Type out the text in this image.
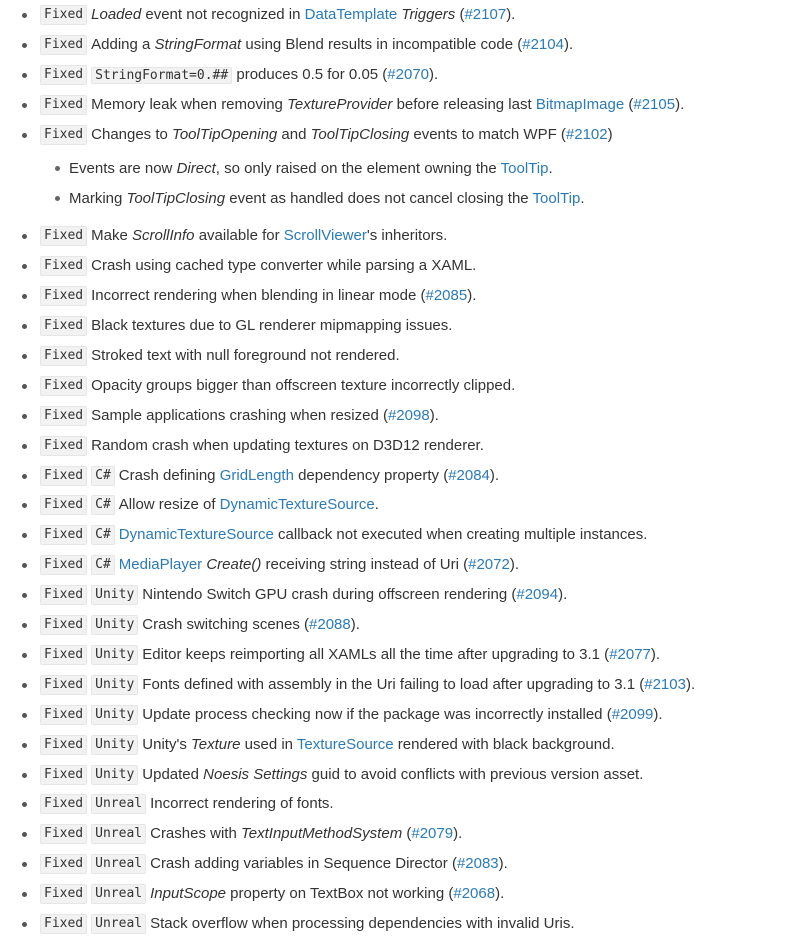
Fixed Loaded event not recognized in DataTemplate Triggers (#2107).
Fixed Adding a StringFormat using Blend results in incompatible code (#2104).
Fixed StringFormat=0.## produces 0.5 for 0.05 (#2070).
Fixed Memory leak when removing TextureProvider before releasing last BitmapImage (#2105).
Fixed Changes to ToolTipOpening and ToolTipClosing events to match WPF (#2102)
Events are now Direct, so only raised on the element owning the ToolTip.
Marking ToolTipClosing event as handled does not cancel closing the ToolTip.
Fixed Make ScrollInfo available for ScrollViewer's inheritors.
Fixed Crash using cached type converter while parsing a XAML.
Fixed Incorrect rendering when blending in linear mode (#2085).
Fixed Black textures due to GL renderer mipmapping issues.
Fixed Stroked text with null foreground not rendered.
Fixed Opacity groups bigger than offscreen texture incorrectly clipped.
Fixed Sample applications crashing when resized (#2098).
Fixed Random crash when updating textures on D3D12 renderer.
Fixed C# Crash defining GridLength dependency property (#2084).
Fixed C# Allow resize of DynamicTextureSource.
Fixed C# DynamicTextureSource callback not executed when creating multiple instances.
Fixed C# MediaPlayer Create() receiving string instead of Uri (#2072).
Fixed Unity Nintendo Switch GPU crash during offscreen rendering (#2094).
Fixed Unity Crash switching scenes (#2088).
Fixed Unity Editor keeps reimporting all XAMLs all the time after upgrading to 3.1 (#2077).
Fixed Unity Fonts defined with assembly in the Uri failing to load after upgrading to 3.1 (#2103).
Fixed Unity Update process checking now if the package was incorrectly installed (#2099).
Fixed Unity Unity's Texture used in TextureSource rendered with black background.
Fixed Unity Updated Noesis Settings guid to avoid conflicts with previous version asset.
Fixed Unreal Incorrect rendering of fonts.
Fixed Unreal Crashes with TextInputMethodSystem (#2079).
Fixed Unreal Crash adding variables in Sequence Director (#2083).
Fixed Unreal InputScope property on TextBox not working (#2068).
Fixed Unreal Stack overflow when processing dependencies with invalid Uris.
